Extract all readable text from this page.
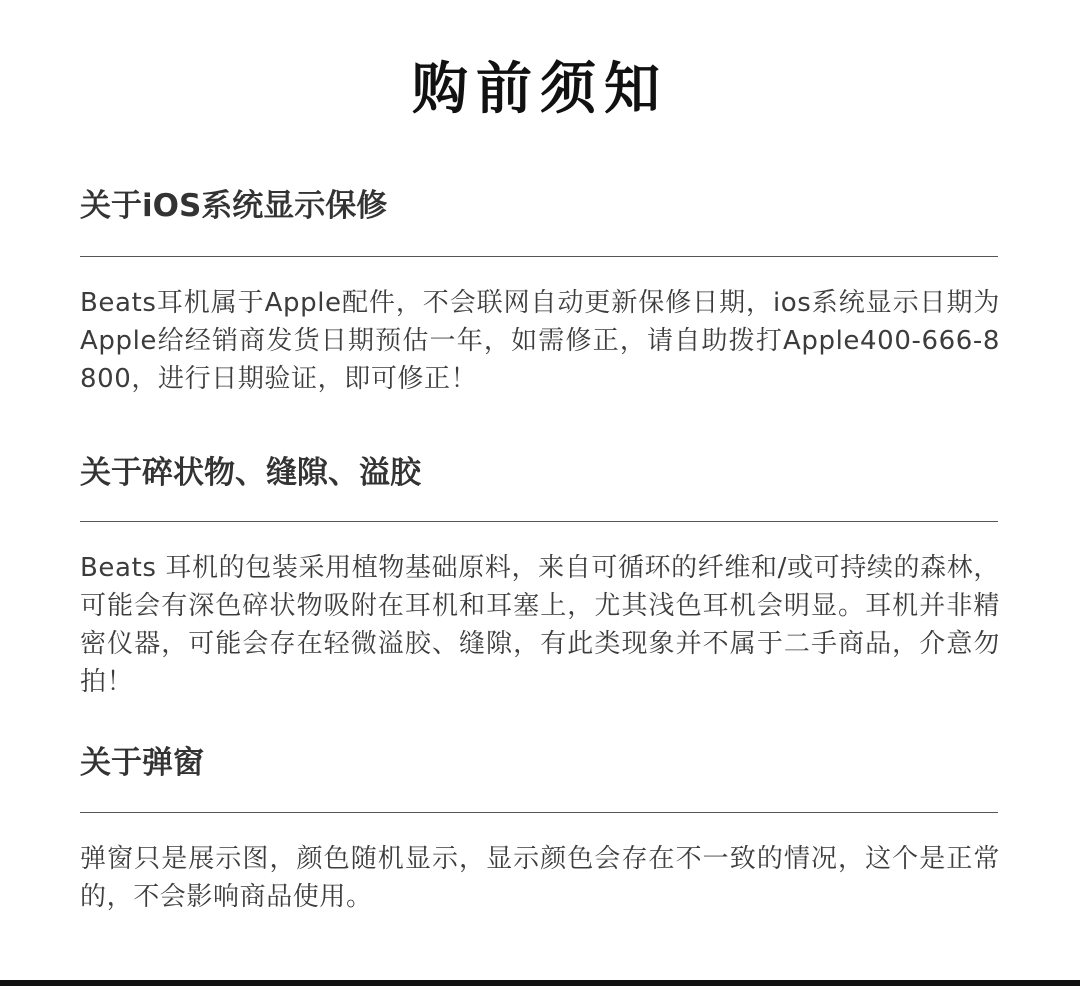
购前须知
关于iOS系统显示保修
Beats耳机属于Apple配件，不会联网自动更新保修日期，ios系统显示日期为Apple给经销商发货日期预估一年，如需修正，请自助拨打Apple400-666-8800，进行日期验证，即可修正！
关于碎状物、缝隙、溢胶
Beats 耳机的包装采用植物基础原料，来自可循环的纤维和/或可持续的森林，可能会有深色碎状物吸附在耳机和耳塞上，尤其浅色耳机会明显。耳机并非精密仪器，可能会存在轻微溢胶、缝隙，有此类现象并不属于二手商品，介意勿拍！
关于弹窗
弹窗只是展示图，颜色随机显示，显示颜色会存在不一致的情况，这个是正常的，不会影响商品使用。
